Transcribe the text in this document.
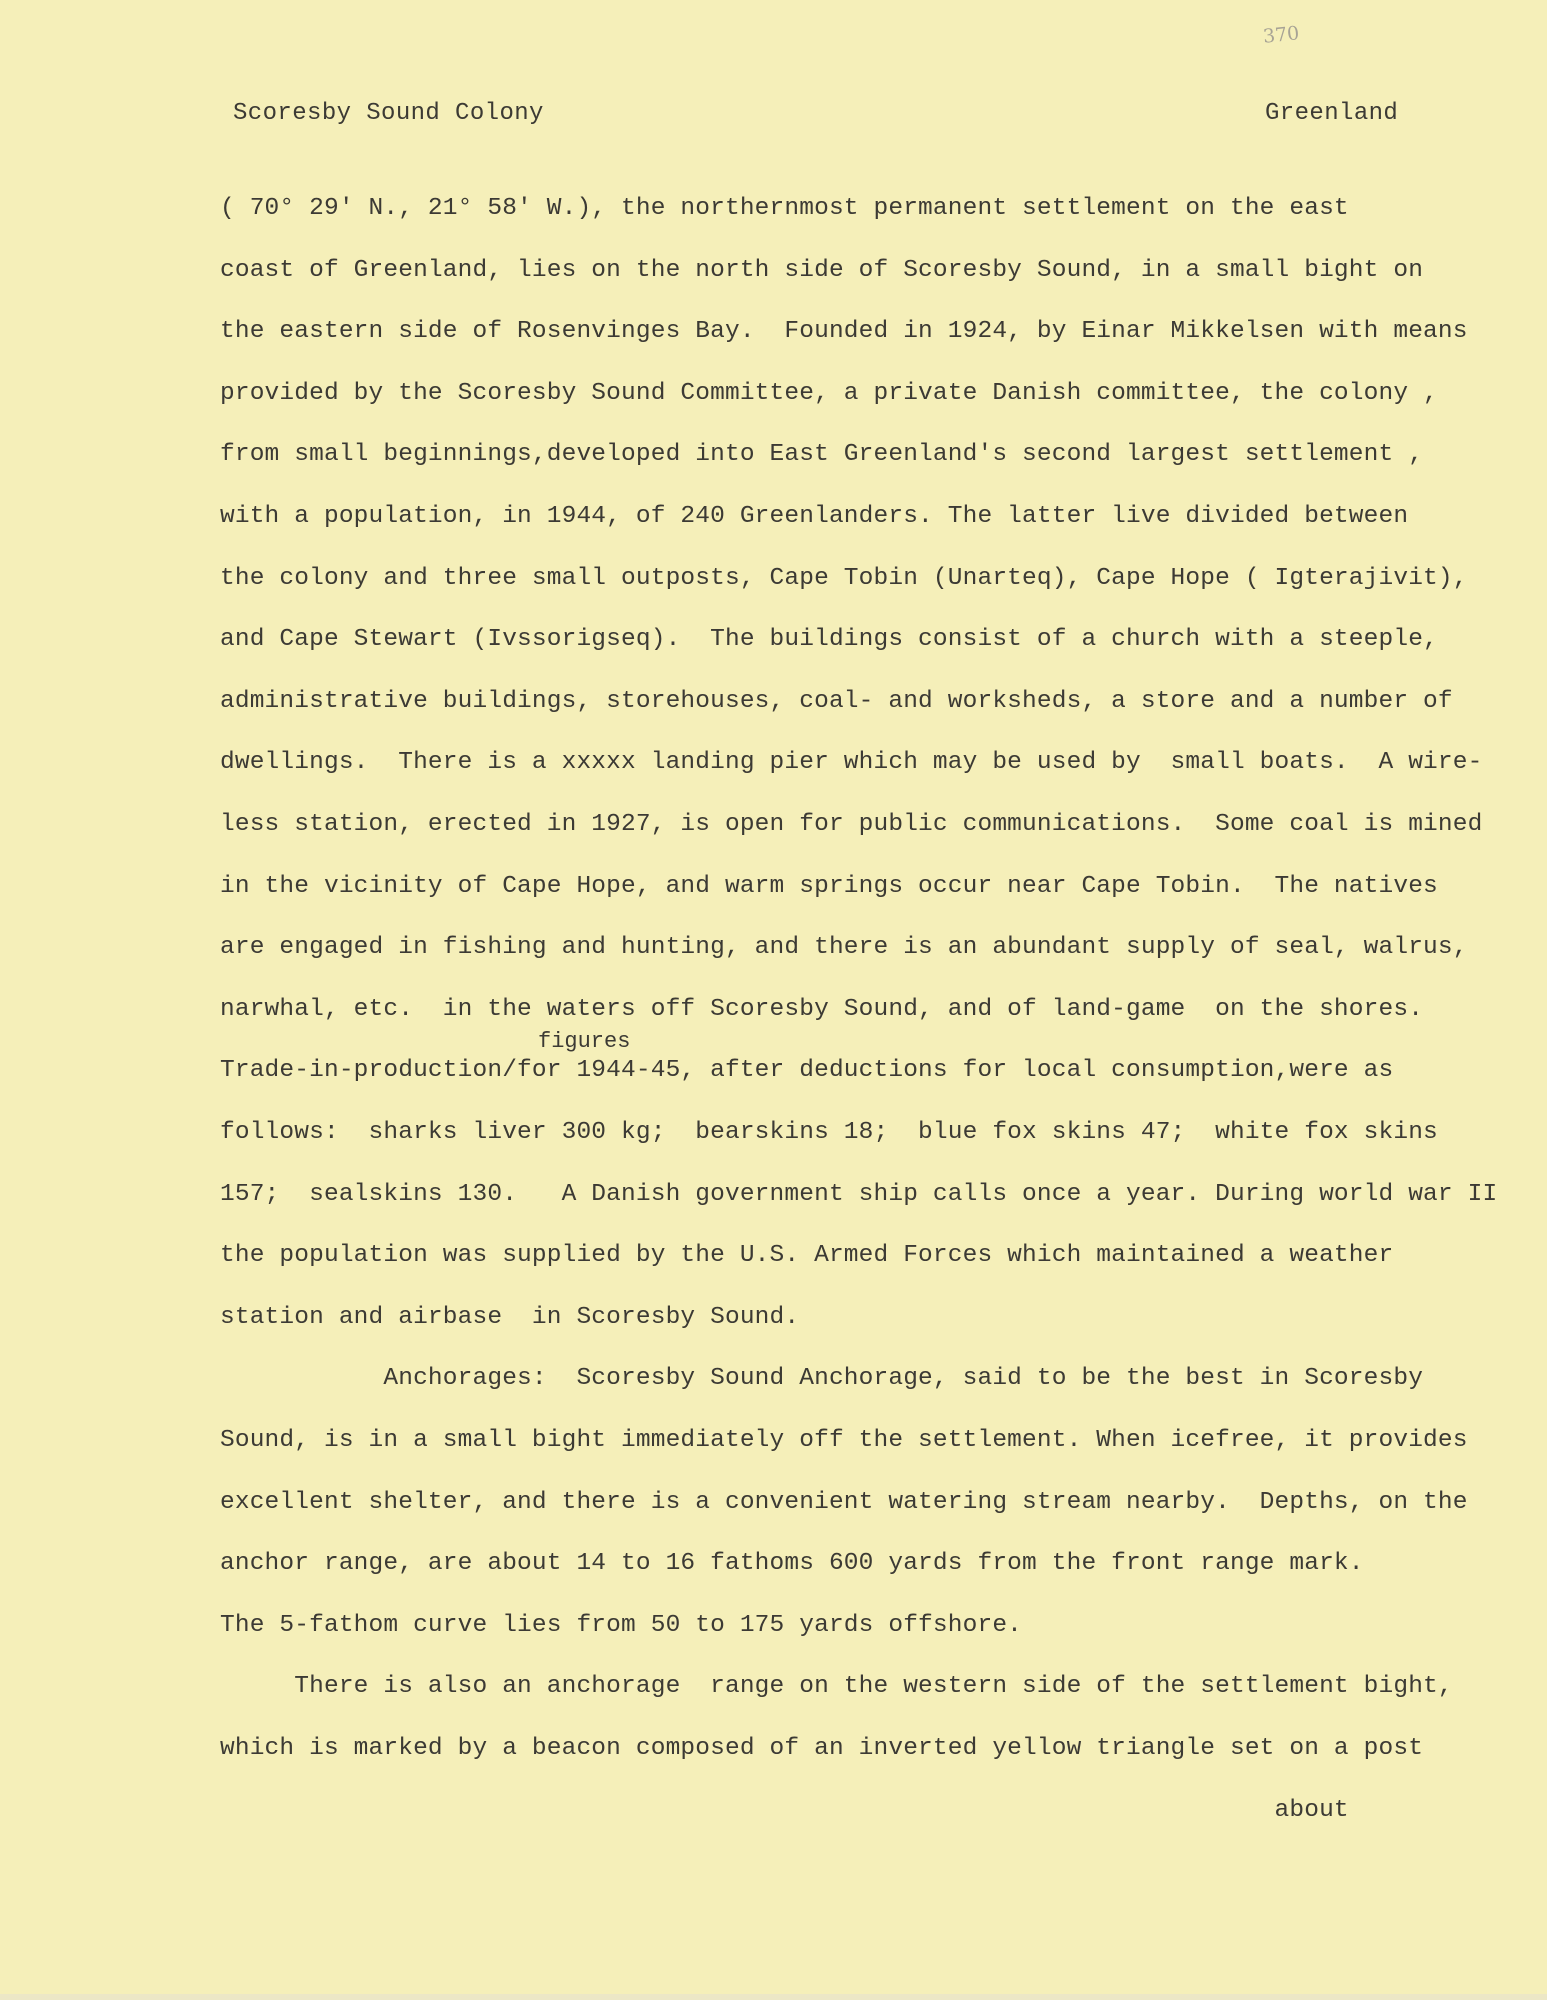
370
Scoresby Sound Colony	Greenland
figures
( 70° 29' N., 21° 58' W.), the northernmost permanent settlement on the east
coast of Greenland, lies on the north side of Scoresby Sound, in a small bight on
the eastern side of Rosenvinges Bay.  Founded in 1924, by Einar Mikkelsen with means
provided by the Scoresby Sound Committee, a private Danish committee, the colony ,
from small beginnings,developed into East Greenland's second largest settlement ,
with a population, in 1944, of 240 Greenlanders. The latter live divided between
the colony and three small outposts, Cape Tobin (Unarteq), Cape Hope ( Igterajivit),
and Cape Stewart (Ivssorigseq).  The buildings consist of a church with a steeple,
administrative buildings, storehouses, coal- and worksheds, a store and a number of
dwellings.  There is a xxxxx landing pier which may be used by  small boats.  A wire-
less station, erected in 1927, is open for public communications.  Some coal is mined
in the vicinity of Cape Hope, and warm springs occur near Cape Tobin.  The natives
are engaged in fishing and hunting, and there is an abundant supply of seal, walrus,
narwhal, etc.  in the waters off Scoresby Sound, and of land-game  on the shores.
Trade-in-production/for 1944-45, after deductions for local consumption,were as
follows:  sharks liver 300 kg;  bearskins 18;  blue fox skins 47;  white fox skins
157;  sealskins 130.   A Danish government ship calls once a year. During world war II
the population was supplied by the U.S. Armed Forces which maintained a weather
station and airbase  in Scoresby Sound.
Anchorages:  Scoresby Sound Anchorage, said to be the best in Scoresby
Sound, is in a small bight immediately off the settlement. When icefree, it provides
excellent shelter, and there is a convenient watering stream nearby.  Depths, on the
anchor range, are about 14 to 16 fathoms 600 yards from the front range mark.
The 5-fathom curve lies from 50 to 175 yards offshore.
There is also an anchorage  range on the western side of the settlement bight,
which is marked by a beacon composed of an inverted yellow triangle set on a post
about
